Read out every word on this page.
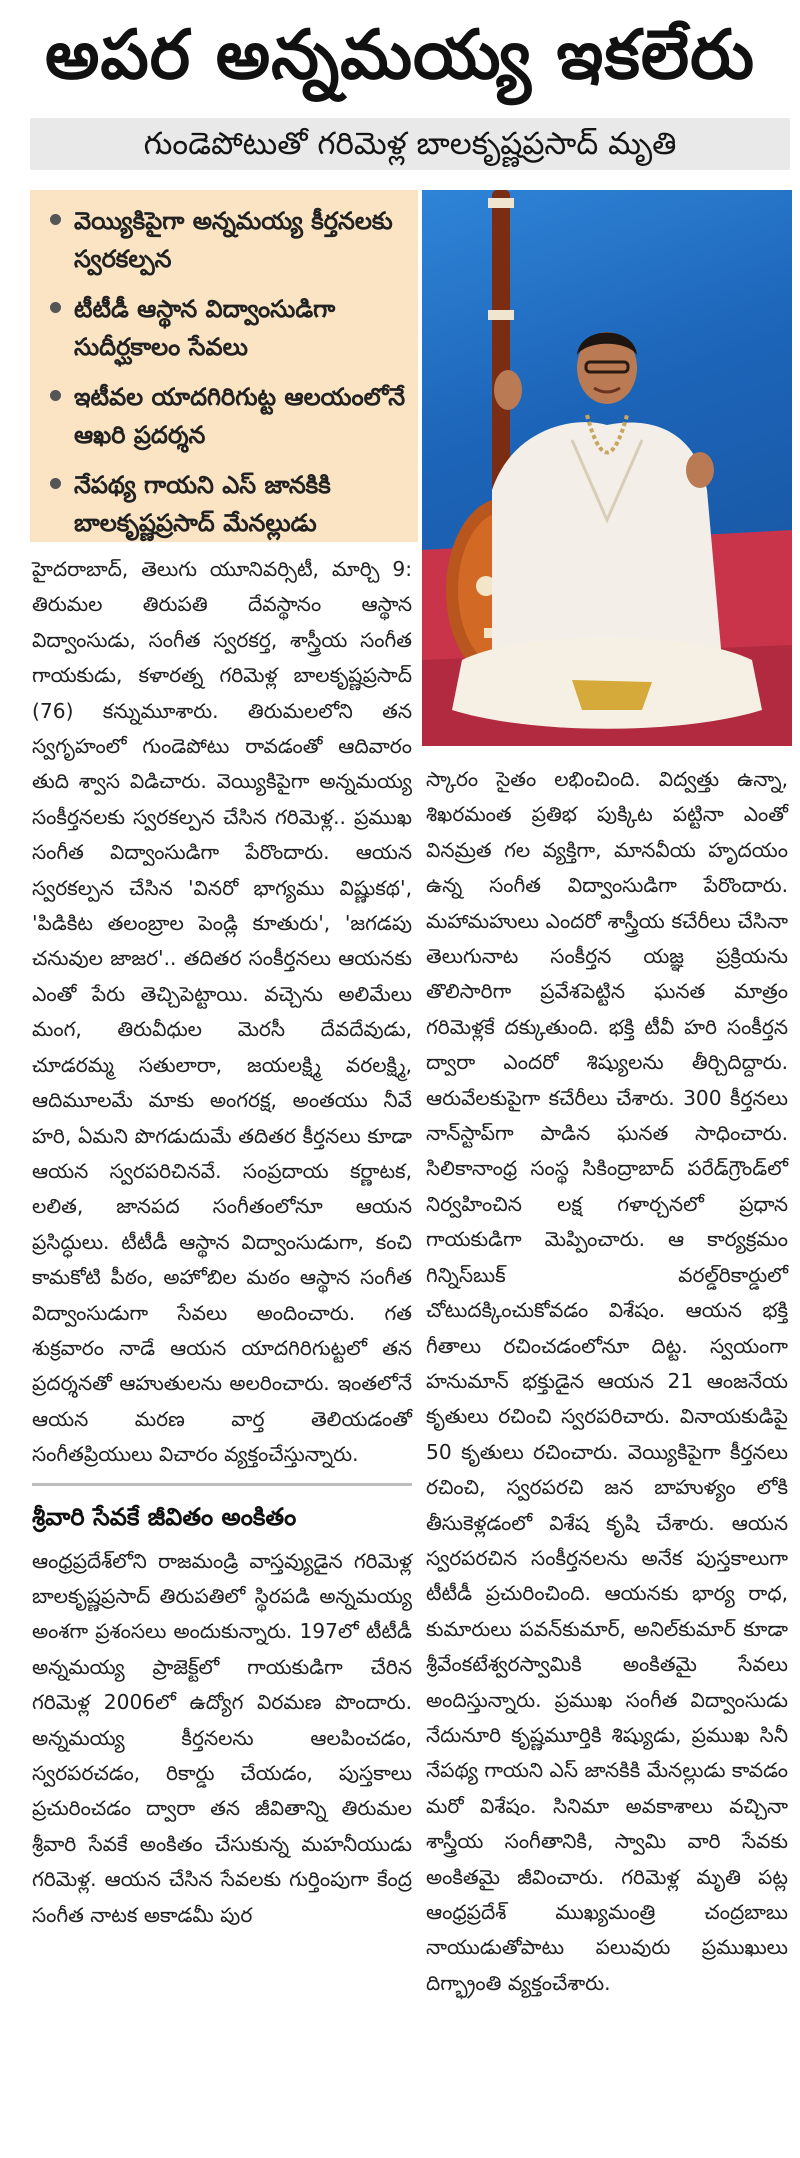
అపర అన్నమయ్య ఇకలేరు
గుండెపోటుతో గరిమెళ్ల బాలకృష్ణప్రసాద్ మృతి
వెయ్యికిపైగా అన్నమయ్య కీర్తనలకు స్వరకల్పన
టీటీడీ ఆస్థాన విద్వాంసుడిగా సుదీర్ఘకాలం సేవలు
ఇటీవల యాదగిరిగుట్ట ఆలయంలోనే ఆఖరి ప్రదర్శన
నేపథ్య గాయని ఎస్ జానకికి బాలకృష్ణప్రసాద్ మేనల్లుడు

హైదరాబాద్, తెలుగు యూనివర్సిటీ, మార్చి 9: తిరుమల తిరుపతి దేవస్థానం ఆస్థాన విద్వాంసుడు, సంగీత స్వరకర్త, శాస్త్రీయ సంగీత గాయకుడు, కళారత్న గరిమెళ్ల బాలకృష్ణప్రసాద్ (76) కన్నుమూశారు. తిరుమలలోని తన స్వగృహంలో గుండెపోటు రావడంతో ఆదివారం తుది శ్వాస విడిచారు. వెయ్యికిపైగా అన్నమయ్య సంకీర్తనలకు స్వరకల్పన చేసిన గరిమెళ్ల.. ప్రముఖ సంగీత విద్వాంసుడిగా పేరొందారు. ఆయన స్వరకల్పన చేసిన 'వినరో భాగ్యము విష్ణుకథ', 'పిడికిట తలంబ్రాల పెండ్లి కూతురు', 'జగడపు చనువుల జాజర'.. తదితర సంకీర్తనలు ఆయనకు ఎంతో పేరు తెచ్చిపెట్టాయి. వచ్చెను అలిమేలు మంగ, తిరువీధుల మెరసీ దేవదేవుడు, చూడరమ్మ సతులారా, జయలక్ష్మి వరలక్ష్మి, ఆదిమూలమే మాకు అంగరక్ష, అంతయు నీవే హరి, ఏమని పొగడుదుమే తదితర కీర్తనలు కూడా ఆయన స్వరపరిచినవే. సంప్రదాయ కర్ణాటక, లలిత, జానపద సంగీతంలోనూ ఆయన ప్రసిద్ధులు. టీటీడీ ఆస్థాన విద్వాంసుడుగా, కంచి కామకోటి పీఠం, అహోబిల మఠం ఆస్థాన సంగీత విద్వాంసుడుగా సేవలు అందించారు. గత శుక్రవారం నాడే ఆయన యాదగిరిగుట్టలో తన ప్రదర్శనతో ఆహుతులను అలరించారు. ఇంతలోనే ఆయన మరణ వార్త తెలియడంతో సంగీతప్రియులు విచారం వ్యక్తంచేస్తున్నారు.

శ్రీవారి సేవకే జీవితం అంకితం

ఆంధ్రప్రదేశ్‌లోని రాజమండ్రి వాస్తవ్యుడైన గరిమెళ్ల బాలకృష్ణప్రసాద్ తిరుపతిలో స్థిరపడి అన్నమయ్య అంశగా ప్రశంసలు అందుకున్నారు. 197లో టీటీడీ అన్నమయ్య ప్రాజెక్ట్‌లో గాయకుడిగా చేరిన గరిమెళ్ల 2006లో ఉద్యోగ విరమణ పొందారు. అన్నమయ్య కీర్తనలను ఆలపించడం, స్వరపరచడం, రికార్డు చేయడం, పుస్తకాలు ప్రచురించడం ద్వారా తన జీవితాన్ని తిరుమల శ్రీవారి సేవకే అంకితం చేసుకున్న మహనీయుడు గరిమెళ్ల. ఆయన చేసిన సేవలకు గుర్తింపుగా కేంద్ర సంగీత నాటక అకాడమీ పుర

స్కారం సైతం లభించింది. విద్వత్తు ఉన్నా, శిఖరమంత ప్రతిభ పుక్కిట పట్టినా ఎంతో వినమ్రత గల వ్యక్తిగా, మానవీయ హృదయం ఉన్న సంగీత విద్వాంసుడిగా పేరొందారు. మహామహులు ఎందరో శాస్త్రీయ కచేరీలు చేసినా తెలుగునాట సంకీర్తన యజ్ఞ ప్రక్రియను తొలిసారిగా ప్రవేశపెట్టిన ఘనత మాత్రం గరిమెళ్లకే దక్కుతుంది. భక్తి టీవీ హరి సంకీర్తన ద్వారా ఎందరో శిష్యులను తీర్చిదిద్దారు. ఆరువేలకుపైగా కచేరీలు చేశారు. 300 కీర్తనలు నాన్‌స్టాప్‌గా పాడిన ఘనత సాధించారు. సిలికానాంధ్ర సంస్థ సికింద్రాబాద్ పరేడ్‌గ్రౌండ్‌లో నిర్వహించిన లక్ష గళార్చనలో ప్రధాన గాయకుడిగా మెప్పించారు. ఆ కార్యక్రమం గిన్నిస్‌బుక్ వరల్డ్‌రికార్డులో చోటుదక్కించుకోవడం విశేషం. ఆయన భక్తి గీతాలు రచించడంలోనూ దిట్ట. స్వయంగా హనుమాన్ భక్తుడైన ఆయన 21 ఆంజనేయ కృతులు రచించి స్వరపరిచారు. వినాయకుడిపై 50 కృతులు రచించారు. వెయ్యికిపైగా కీర్తనలు రచించి, స్వరపరచి జన బాహుళ్యం లోకి తీసుకెళ్లడంలో విశేష కృషి చేశారు. ఆయన స్వరపరచిన సంకీర్తనలను అనేక పుస్తకాలుగా టీటీడీ ప్రచురించింది. ఆయనకు భార్య రాధ, కుమారులు పవన్‌కుమార్, అనిల్‌కుమార్ కూడా శ్రీవేంకటేశ్వరస్వామికి అంకితమై సేవలు అందిస్తున్నారు. ప్రముఖ సంగీత విద్వాంసుడు నేదునూరి కృష్ణమూర్తికి శిష్యుడు, ప్రముఖ సినీ నేపథ్య గాయని ఎస్ జానకికి మేనల్లుడు కావడం మరో విశేషం. సినిమా అవకాశాలు వచ్చినా శాస్త్రీయ సంగీతానికి, స్వామి వారి సేవకు అంకితమై జీవించారు. గరిమెళ్ల మృతి పట్ల ఆంధ్రప్రదేశ్ ముఖ్యమంత్రి చంద్రబాబు నాయుడుతోపాటు పలువురు ప్రముఖులు దిగ్భ్రాంతి వ్యక్తంచేశారు.
